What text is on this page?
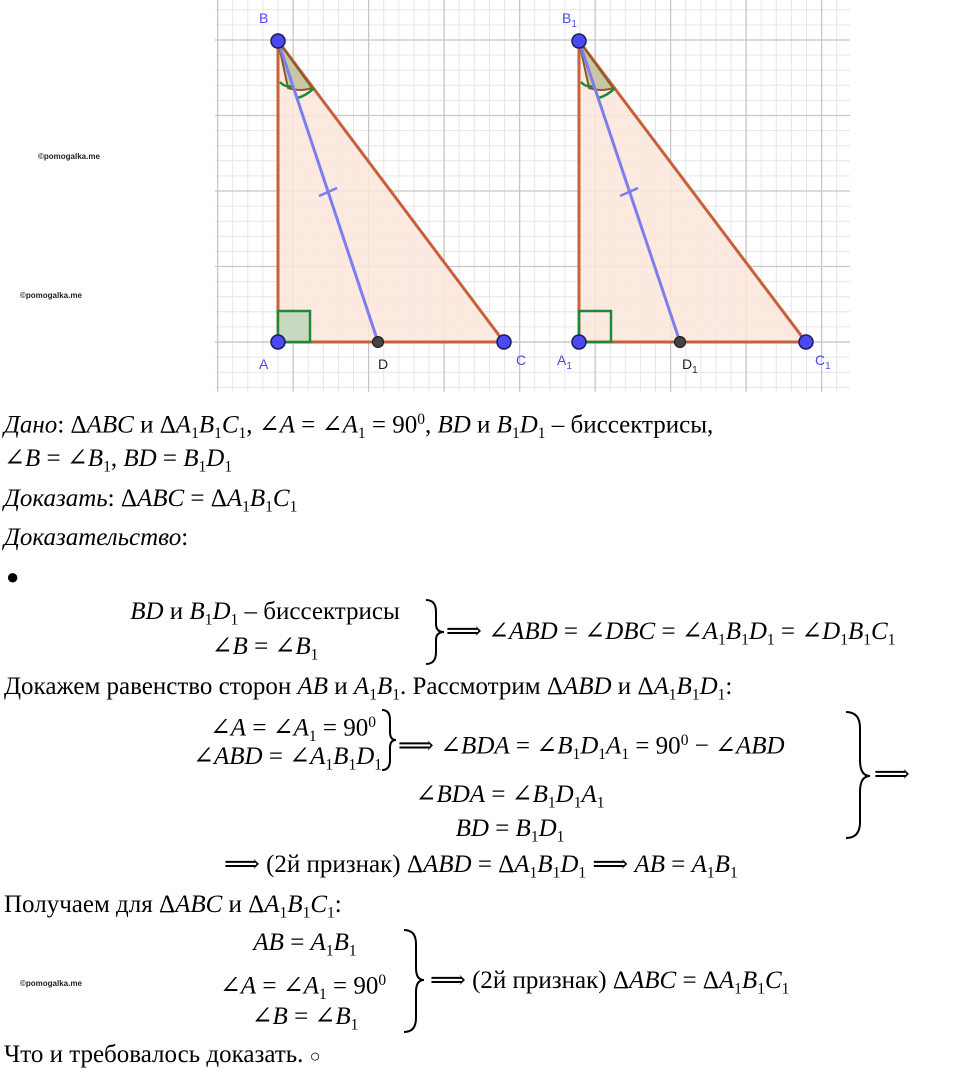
B
A	D	C
$B_1$
$A_1$	$D_1$
$C_1$
©pomogalka.me
©pomogalka.me
©pomogalka.me
Дано: ΔABC и $\Delta A_1B_1C_1$, ∠A = $\angle A_1 = 90^0$, BD и $B_1D_1$ – биссектрисы,
∠B = $\angle B_1$, BD = $B_1D_1$
Доказать: $\Delta ABC = \Delta A_1B_1C_1$
Доказательство:
●
BD и $B_1D_1$ – биссектрисы
∠B = $\angle B_1$
⟹ ∠ABD = ∠DBC = $\angle A_1B_1D_1$ = $\angle D_1B_1C_1$
Докажем равенство сторон AB и $A_1B_1$. Рассмотрим ΔABD и $\Delta A_1B_1D_1$:
∠A = $\angle A_1 = 90^0$
∠ABD = $\angle A_1B_1D_1$
⟹ ∠BDA = $\angle B_1D_1A_1 = 90^0$ − ∠ABD
∠BDA = $\angle B_1D_1A_1$
BD = $B_1D_1$
⟹
⟹ (2й признак) $\Delta ABD = \Delta A_1B_1D_1$ ⟹ AB = $A_1B_1$
Получаем для ΔABC и $\Delta A_1B_1C_1$:
AB = $A_1B_1$
∠A = $\angle A_1 = 90^0$
∠B = $\angle B_1$
⟹ (2й признак) $\Delta ABC = \Delta A_1B_1C_1$
Что и требовалось доказать. ○
